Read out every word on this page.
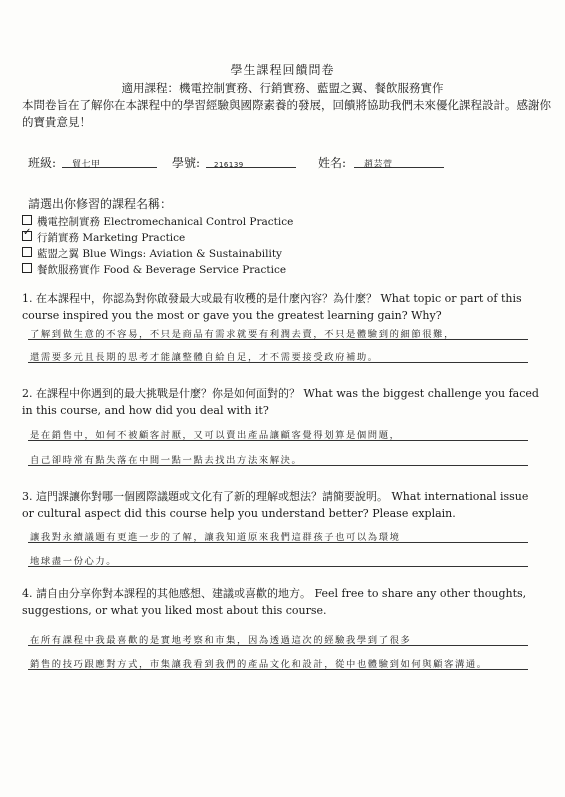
學生課程回饋問卷
適用課程：機電控制實務、行銷實務、藍盟之翼、餐飲服務實作
本問卷旨在了解你在本課程中的學習經驗與國際素養的發展，回饋將協助我們未來優化課程設計。感謝你的寶貴意見！
班級:	貿七甲	學號:	216139	姓名:	趙芸萱
請選出你修習的課程名稱：
機電控制實務 Electromechanical Control Practice
✓行銷實務 Marketing Practice
藍盟之翼 Blue Wings: Aviation & Sustainability
餐飲服務實作 Food & Beverage Service Practice
1. 在本課程中，你認為對你啟發最大或最有收穫的是什麼內容？為什麼？ What topic or part of this course inspired you the most or gave you the greatest learning gain? Why?
了解到做生意的不容易，不只是商品有需求就要有利潤去賣，不只是體驗到的細節很難，
還需要多元且長期的思考才能讓整體自給自足，才不需要接受政府補助。
2. 在課程中你遇到的最大挑戰是什麼？你是如何面對的？ What was the biggest challenge you faced in this course, and how did you deal with it?
是在銷售中，如何不被顧客討厭，又可以賣出產品讓顧客覺得划算是個問題，
自己卻時常有點失落在中間一點一點去找出方法來解決。
3. 這門課讓你對哪一個國際議題或文化有了新的理解或想法？請簡要說明。 What international issue or cultural aspect did this course help you understand better? Please explain.
讓我對永續議題有更進一步的了解，讓我知道原來我們這群孩子也可以為環境
地球盡一份心力。
4. 請自由分享你對本課程的其他感想、建議或喜歡的地方。 Feel free to share any other thoughts, suggestions, or what you liked most about this course.
在所有課程中我最喜歡的是實地考察和市集，因為透過這次的經驗我學到了很多
銷售的技巧跟應對方式，市集讓我看到我們的產品文化和設計，從中也體驗到如何與顧客溝通。
